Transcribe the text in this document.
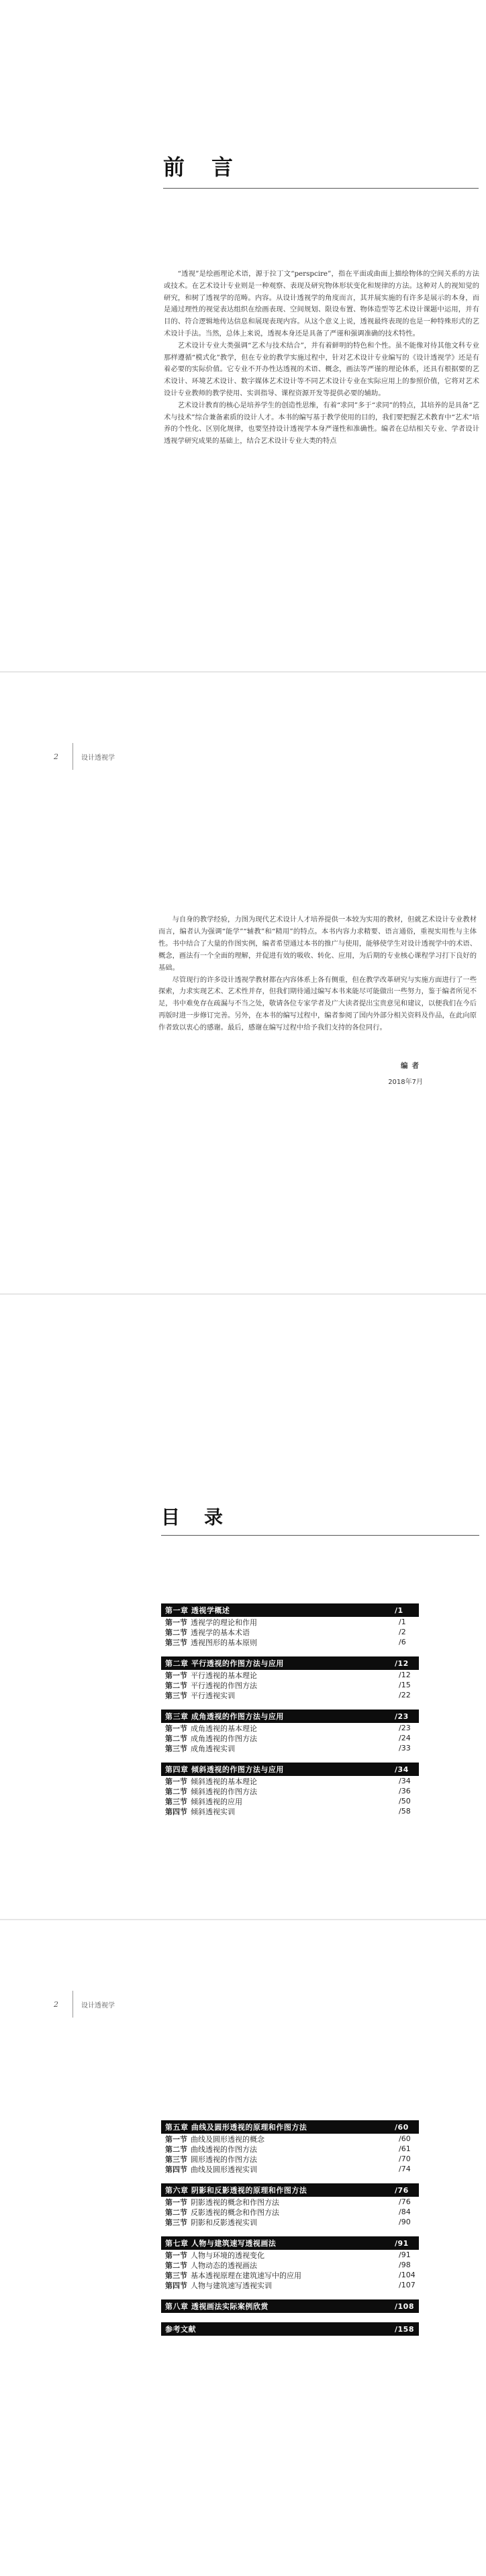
前言

“透视”是绘画理论术语，源于拉丁文“perspcire”，指在平面或曲面上描绘物体的空间关系的方法或技术。在艺术设计专业则是一种观察、表现及研究物体形状变化和规律的方法。这种对人的视知觉的研究，和树了透视学的范畴。内容。从设计透视学的角度而言，其并展实施的有许多是展示的本身，而是通过理性的视觉表达组织在绘画表现、空间规划、限设布置、物体造型等艺术设计课题中运用，并有目的、符合逻辑地传达信息和展现表现内容。从这个意义上说，透视最终表现的也是一种特殊形式的艺术设计手法。当然，总体上来说，透视本身还是具备了严谨和强调准确的技术特性。

艺术设计专业大类强调“艺术与技术结合”，并有着鲜明的特色和个性。虽不能像对待其他文科专业那样遵循“模式化”教学，但在专业的教学实施过程中，针对艺术设计专业编写的《设计透视学》还是有着必要的实际价值。它专业不开办性达透视的术语、概念，画法等严谨的理论体系，还具有根据要的艺术设计、环境艺术设计、数字媒体艺术设计等不同艺术设计专业在实际应用上的参照价值，它将对艺术设计专业教师的教学使用、实训指导、课程资源开发等提供必要的辅助。

艺术设计教育的核心是培养学生的创造性思维，有着“求同”多于“求同”的特点，其培养的是具备“艺术与技术”综合兼备素质的设计人才。本书的编写基于教学使用的目的，我们要把握艺术教育中“艺术”培养的个性化、区别化规律，也要坚持设计透视学本身严谨性和准确性。编者在总结相关专业、学者设计透视学研究成果的基础上，结合艺术设计专业大类的特点

2	设计透视学

与自身的教学经验，力图为现代艺术设计人才培养提供一本较为实用的教材，但就艺术设计专业教材而言，编者认为强调“能学”“辅教”和“精用”的特点。本书内容力求精要、语言通俗，重视实用性与主体性。书中结合了大量的作图实例，编者希望通过本书的推广与使用，能够使学生对设计透视学中的术语、概念，画法有一个全面的理解，并促进有效的吸收、转化、应用，为后期的专业核心课程学习打下良好的基础。

尽管现行的许多设计透视学教材都在内容体系上各有侧重，但在教学改革研究与实施方面进行了一些探索，力求实现艺术、艺术性并存，但我们期待通过编写本书来能尽可能做出一些努力，鉴于编者所见不足，书中难免存在疏漏与不当之处，敬请各位专家学者及广大读者提出宝贵意见和建议，以便我们在今后再版时进一步修订完善。另外，在本书的编写过程中，编者参阅了国内外部分相关资料及作品，在此向原作者致以衷心的感谢。最后，感谢在编写过程中给予我们支持的各位同行。

编者
2018年7月
目录
第一章 透视学概述	/1
第一节 透视学的理论和作用	/1
第二节 透视学的基本术语	/2
第三节 透视图形的基本原则	/6
第二章 平行透视的作图方法与应用	/12
第一节 平行透视的基本理论	/12
第二节 平行透视的作图方法	/15
第三节 平行透视实训	/22
第三章 成角透视的作图方法与应用	/23
第一节 成角透视的基本理论	/23
第二节 成角透视的作图方法	/24
第三节 成角透视实训	/33
第四章 倾斜透视的作图方法与应用	/34
第一节 倾斜透视的基本理论	/34
第二节 倾斜透视的作图方法	/36
第三节 倾斜透视的应用	/50
第四节 倾斜透视实训	/58
2	设计透视学
第五章 曲线及圆形透视的原理和作图方法	/60
第一节 曲线及圆形透视的概念	/60
第二节 曲线透视的作图方法	/61
第三节 圆形透视的作图方法	/70
第四节 曲线及圆形透视实训	/74
第六章 阴影和反影透视的原理和作图方法	/76
第一节 阴影透视的概念和作图方法	/76
第二节 反影透视的概念和作图方法	/84
第三节 阴影和反影透视实训	/90
第七章 人物与建筑速写透视画法	/91
第一节 人物与环境的透视变化	/91
第二节 人物动态的透视画法	/98
第三节 基本透视原理在建筑速写中的应用	/104
第四节 人物与建筑速写透视实训	/107
第八章 透视画法实际案例欣赏	/108
参考文献	/158
